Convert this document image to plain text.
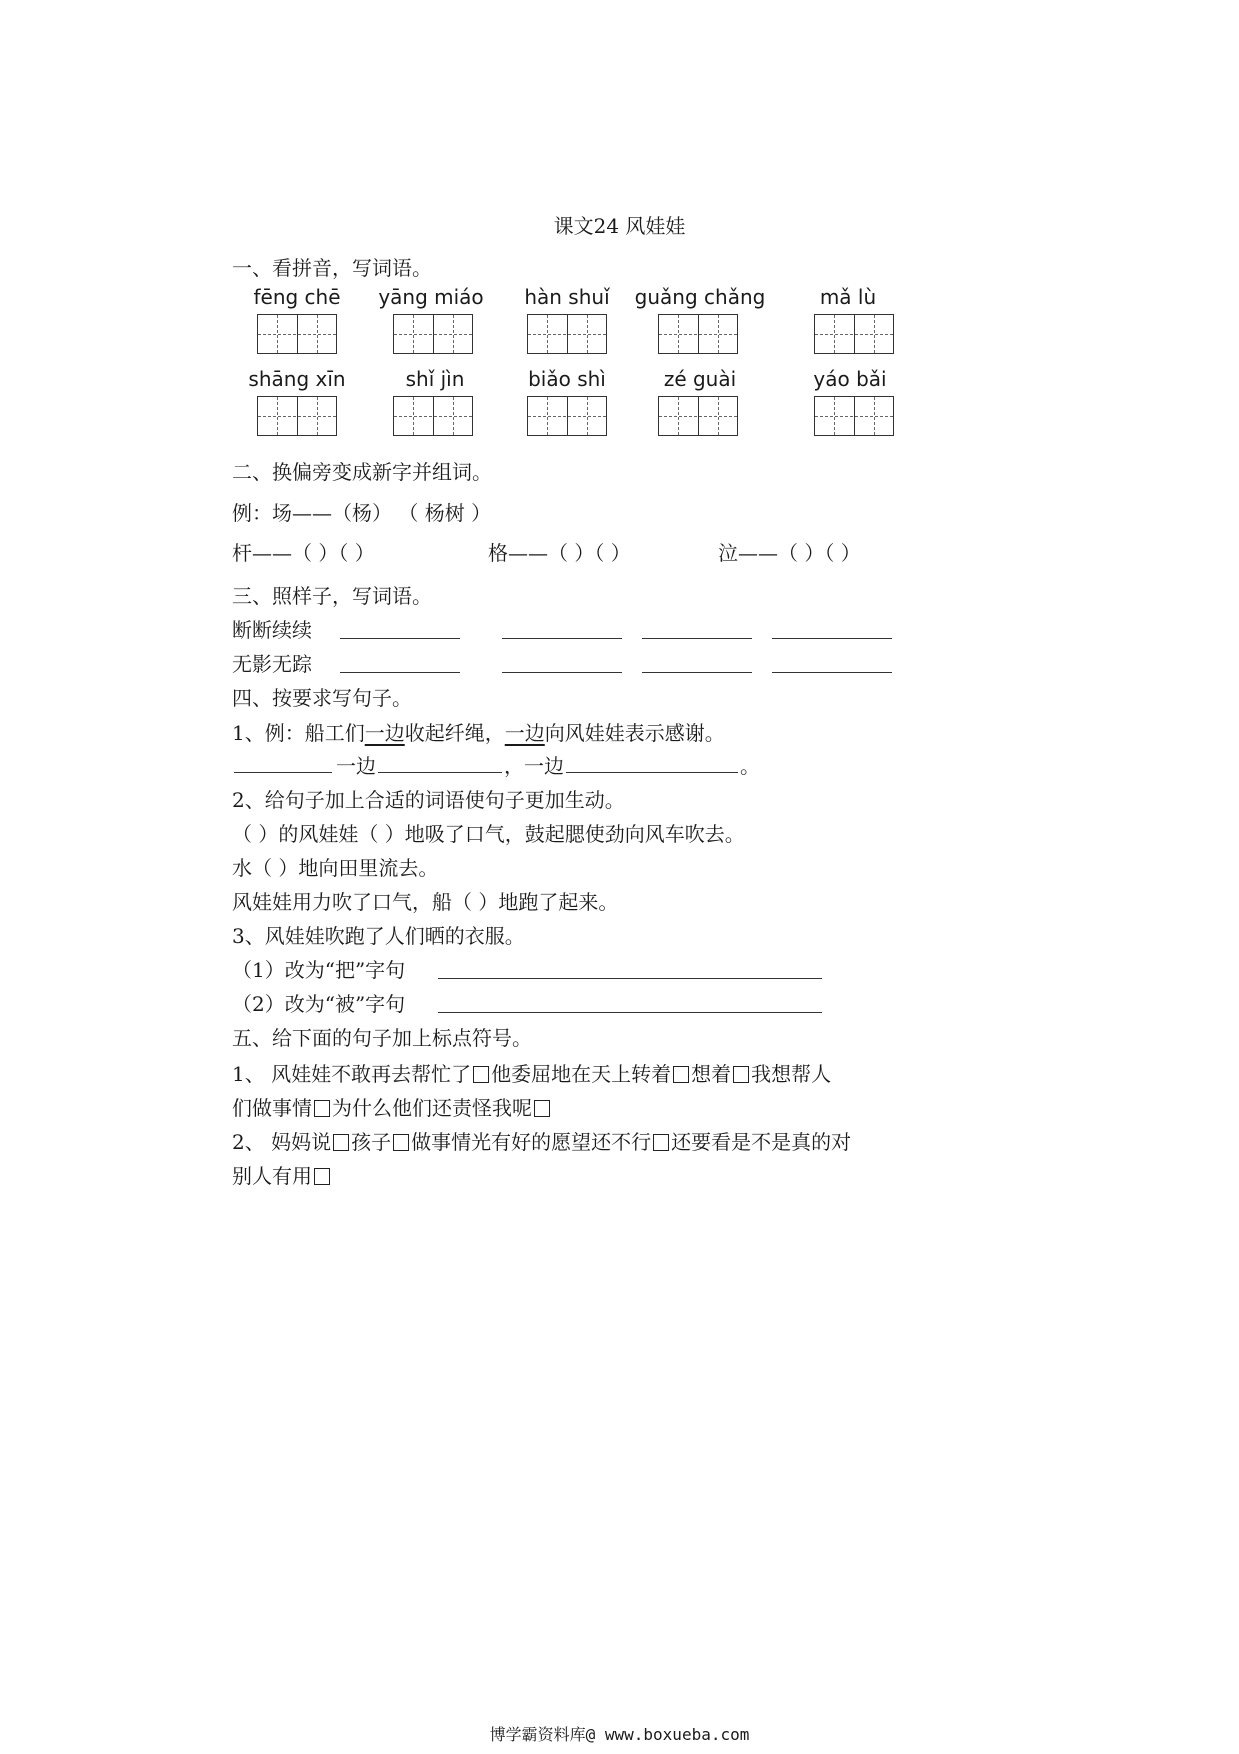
课文24 风娃娃
一、看拼音，写词语。
fēng chē	yāng miáo	hàn shuǐ	guǎng chǎng	mǎ lù
shāng xīn	shǐ jìn	biǎo shì	zé guài	yáo bǎi
二、换偏旁变成新字并组词。
例：场——（杨） （ 杨树 ）
杆——（ ）（ ）	格——（ ）（ ）	泣——（ ）（ ）
三、照样子，写词语。
断断续续
无影无踪
四、按要求写句子。
1、例：船工们一边收起纤绳，一边向风娃娃表示感谢。
一边	，一边	。
2、给句子加上合适的词语使句子更加生动。
（ ）的风娃娃（ ）地吸了口气，鼓起腮使劲向风车吹去。
水（ ）地向田里流去。
风娃娃用力吹了口气，船（ ）地跑了起来。
3、风娃娃吹跑了人们晒的衣服。
（1）改为“把”字句
（2）改为“被”字句
五、给下面的句子加上标点符号。
1、 风娃娃不敢再去帮忙了 他委屈地在天上转着 想着 我想帮人
们做事情 为什么他们还责怪我呢
2、 妈妈说 孩子 做事情光有好的愿望还不行 还要看是不是真的对
别人有用
博学霸资料库@ www.boxueba.com
